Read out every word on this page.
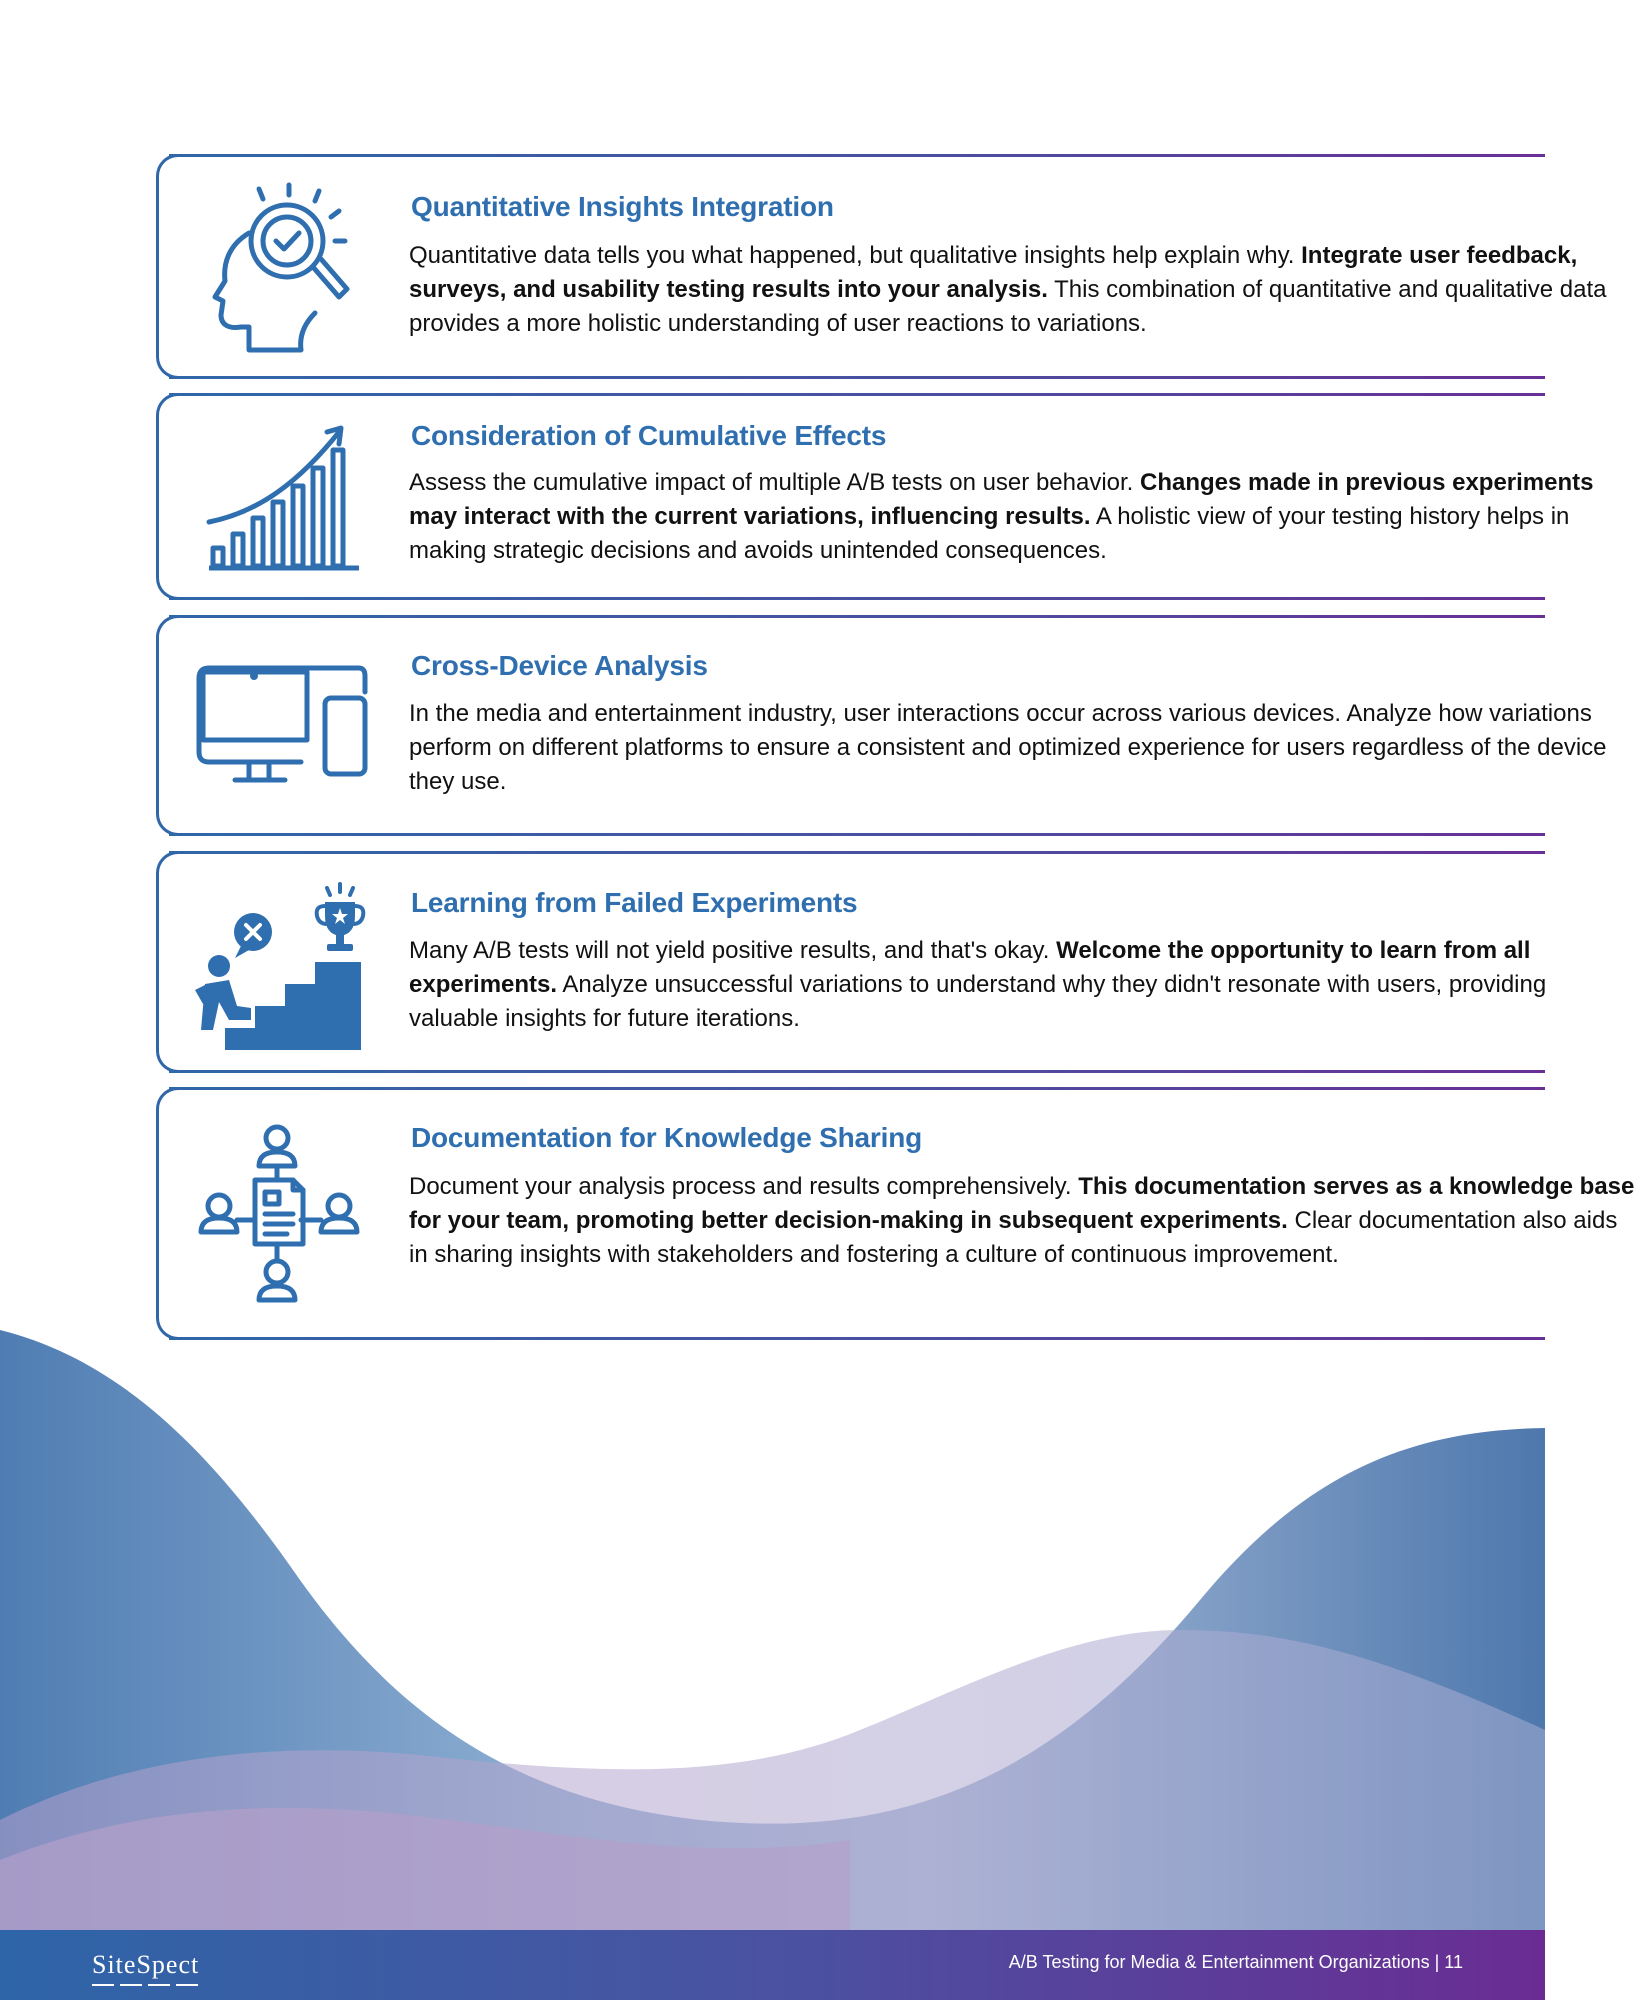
Quantitative Insights Integration

Quantitative data tells you what happened, but qualitative insights help explain why. Integrate user feedback, surveys, and usability testing results into your analysis. This combination of quantitative and qualitative data provides a more holistic understanding of user reactions to variations.

Consideration of Cumulative Effects

Assess the cumulative impact of multiple A/B tests on user behavior. Changes made in previous experiments may interact with the current variations, influencing results. A holistic view of your testing history helps in making strategic decisions and avoids unintended consequences.

Cross-Device Analysis

In the media and entertainment industry, user interactions occur across various devices. Analyze how variations perform on different platforms to ensure a consistent and optimized experience for users regardless of the device they use.

Learning from Failed Experiments

Many A/B tests will not yield positive results, and that's okay. Welcome the opportunity to learn from all experiments. Analyze unsuccessful variations to understand why they didn't resonate with users, providing valuable insights for future iterations.

Documentation for Knowledge Sharing

Document your analysis process and results comprehensively. This documentation serves as a knowledge base for your team, promoting better decision-making in subsequent experiments. Clear documentation also aids in sharing insights with stakeholders and fostering a culture of continuous improvement.

SiteSpect	A/B Testing for Media & Entertainment Organizations | 11
